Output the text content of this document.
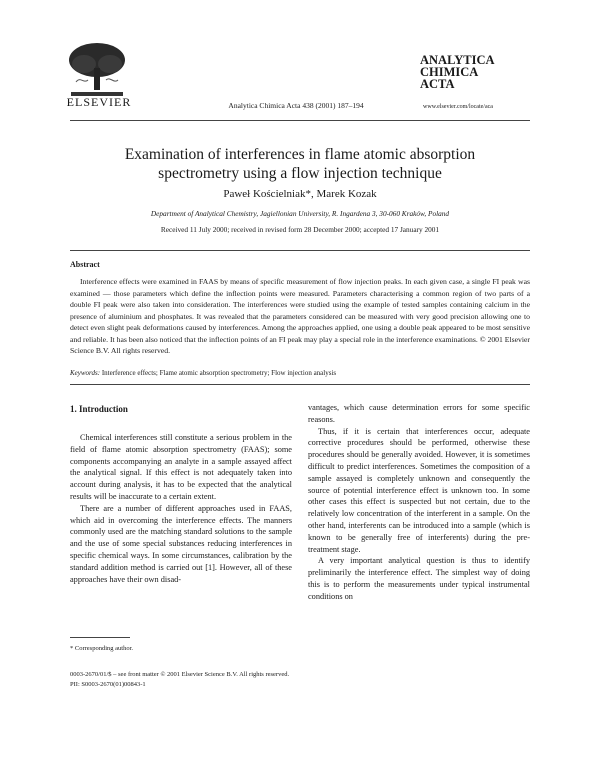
ELSEVIER	Analytica Chimica Acta 438 (2001) 187–194
ANALYTICA
CHIMICA
ACTA
www.elsevier.com/locate/aca
Examination of interferences in flame atomic absorption
spectrometry using a flow injection technique
Paweł Kościelniak*, Marek Kozak
Department of Analytical Chemistry, Jagiellonian University, R. Ingardena 3, 30-060 Kraków, Poland
Received 11 July 2000; received in revised form 28 December 2000; accepted 17 January 2001
Abstract
Interference effects were examined in FAAS by means of specific measurement of flow injection peaks. In each given case, a single FI peak was examined — those parameters which define the inflection points were measured. Parameters characterising a common region of two parts of a double FI peak were also taken into consideration. The interferences were studied using the example of tested samples containing calcium in the presence of aluminium and phosphates. It was revealed that the parameters considered can be measured with very good precision allowing one to detect even slight peak deformations caused by interferences. Among the approaches applied, one using a double peak appeared to be most sensitive and reliable. It has been also noticed that the inflection points of an FI peak may play a special role in the interference examinations. © 2001 Elsevier Science B.V. All rights reserved.
Keywords: Interference effects; Flame atomic absorption spectrometry; Flow injection analysis
1. Introduction

Chemical interferences still constitute a serious problem in the field of flame atomic absorption spectrometry (FAAS); some components accompanying an analyte in a sample assayed affect the analytical signal. If this effect is not adequately taken into account during analysis, it has to be expected that the analytical results will be inaccurate to a certain extent.

There are a number of different approaches used in FAAS, which aid in overcoming the interference effects. The manners commonly used are the matching standard solutions to the sample and the use of some special substances reducing interferences in specific chemical ways. In some circumstances, calibration by the standard addition method is carried out [1]. However, all of these approaches have their own disad-

vantages, which cause determination errors for some specific reasons.

Thus, if it is certain that interferences occur, adequate corrective procedures should be performed, otherwise these procedures should be generally avoided. However, it is sometimes difficult to predict interferences. Sometimes the composition of a sample assayed is completely unknown and consequently the source of potential interference effect is unknown too. In some other cases this effect is suspected but not certain, due to the relatively low concentration of the interferent in a sample. On the other hand, interferents can be introduced into a sample (which is known to be generally free of interferents) during the pre-treatment stage.

A very important analytical question is thus to identify preliminarily the interference effect. The simplest way of doing this is to perform the measurements under typical instrumental conditions on

* Corresponding author.
0003-2670/01/$ – see front matter © 2001 Elsevier Science B.V. All rights reserved.
PII: S0003-2670(01)00843-1
